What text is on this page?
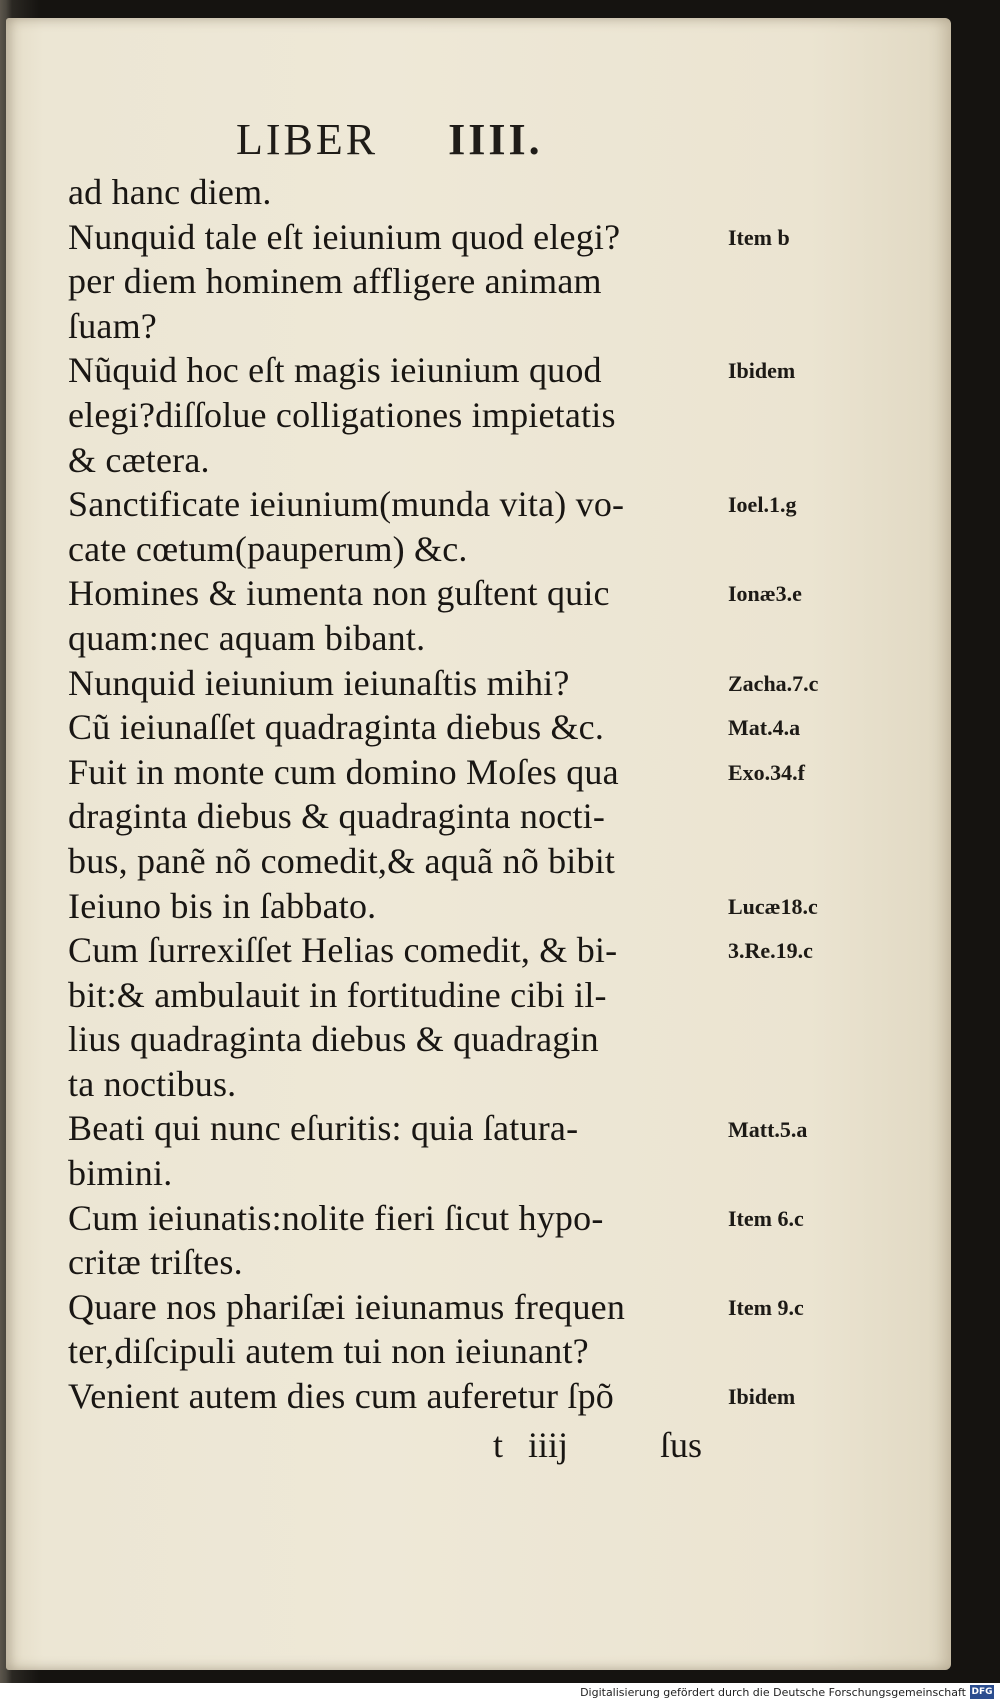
LIBER IIII.
ad hanc diem.
Nunquid tale eſt ieiunium quod elegi?
per diem hominem affligere animam
ſuam?
Nũquid hoc eſt magis ieiunium quod
elegi?diſſolue colligationes impietatis
& cætera.
Sanctificate ieiunium(munda vita) vo-
cate cœtum(pauperum) &c.
Homines & iumenta non guſtent quic
quam:nec aquam bibant.
Nunquid ieiunium ieiunaſtis mihi?
Cũ ieiunaſſet quadraginta diebus &c.
Fuit in monte cum domino Moſes qua
draginta diebus & quadraginta nocti-
bus, panẽ nõ comedit,& aquã nõ bibit
Ieiuno bis in ſabbato.
Cum ſurrexiſſet Helias comedit, & bi-
bit:& ambulauit in fortitudine cibi il-
lius quadraginta diebus & quadragin
ta noctibus.
Beati qui nunc eſuritis: quia ſatura-
bimini.
Cum ieiunatis:nolite fieri ſicut hypo-
critæ triſtes.
Quare nos phariſæi ieiunamus frequen
ter,diſcipuli autem tui non ieiunant?
Venient autem dies cum auferetur ſpõ
Item b
Ibidem
Ioel.1.g
Ionæ3.e
Zacha.7.c
Mat.4.a
Exo.34.f
Lucæ18.c
3.Re.19.c
Matt.5.a
Item 6.c
Item 9.c
Ibidem
t iiij	ſus
Digitalisierung gefördert durch die Deutsche Forschungsgemeinschaft DFG
